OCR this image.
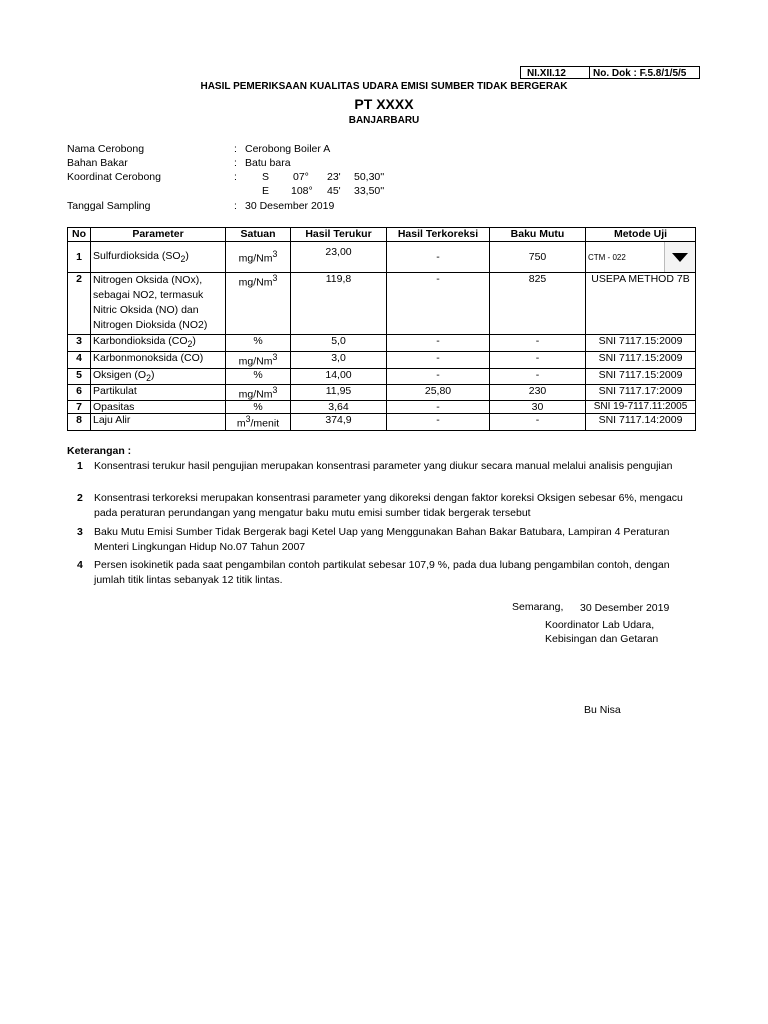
NI.XII.12	No. Dok : F.5.8/1/5/5
HASIL PEMERIKSAAN KUALITAS UDARA EMISI SUMBER TIDAK BERGERAK
PT XXXX
BANJARBARU
Nama Cerobong	: Cerobong Boiler A
Bahan Bakar	: Batu bara
Koordinat Cerobong	: S 07° 23' 50,30''
E 108° 45' 33,50''
Tanggal Sampling	: 30 Desember 2019
No	Parameter	Satuan	Hasil Terukur	Hasil Terkoreksi	Baku Mutu	Metode Uji
1	Sulfurdioksida $(SO_2)$	mg/Nm$^3$	23,00	-	750	CTM - 022

2	Nitrogen Oksida (NOx),
sebagai NO2, termasuk
Nitric Oksida (NO) dan
Nitrogen Dioksida (NO2)	mg/Nm$^3$	119,8	-	825	USEPA METHOD 7B
3	Karbondioksida $(CO_2)$	%	5,0	-	-	SNI 7117.15:2009
4	Karbonmonoksida (CO)	mg/Nm$^3$	3,0	-	-	SNI 7117.15:2009
5	Oksigen $(O_2)$	%	14,00	-	-	SNI 7117.15:2009
6	Partikulat	mg/Nm$^3$	11,95	25,80	230	SNI 7117.17:2009
7	Opasitas	%	3,64	-	30	SNI 19-7117.11:2005
8	Laju Alir	$m^3$/menit	374,9	-	-	SNI 7117.14:2009
Keterangan :
1 Konsentrasi terukur hasil pengujian merupakan konsentrasi parameter yang diukur secara manual melalui analisis pengujian
2 Konsentrasi terkoreksi merupakan konsentrasi parameter yang dikoreksi dengan faktor koreksi Oksigen sebesar 6%, mengacu
pada peraturan perundangan yang mengatur baku mutu emisi sumber tidak bergerak tersebut
3 Baku Mutu Emisi Sumber Tidak Bergerak bagi Ketel Uap yang Menggunakan Bahan Bakar Batubara, Lampiran 4 Peraturan
Menteri Lingkungan Hidup No.07 Tahun 2007
4 Persen isokinetik pada saat pengambilan contoh partikulat sebesar 107,9 %, pada dua lubang pengambilan contoh, dengan
jumlah titik lintas sebanyak 12 titik lintas.
Semarang, 30 Desember 2019
Koordinator Lab Udara,
Kebisingan dan Getaran
Bu Nisa
